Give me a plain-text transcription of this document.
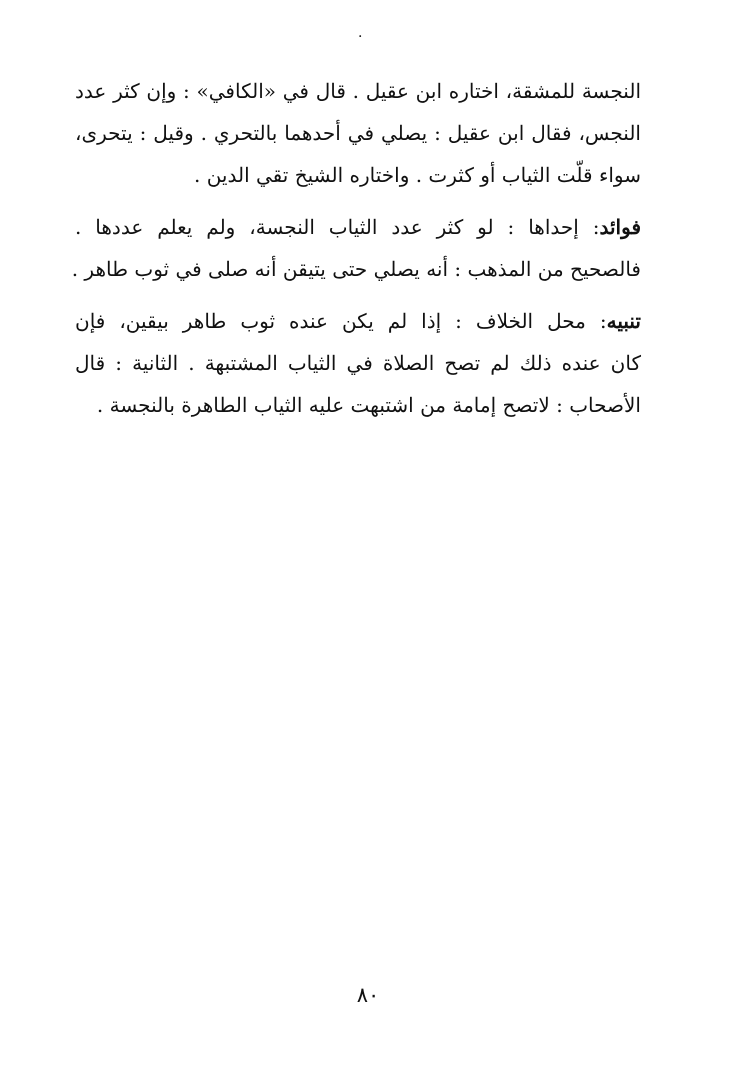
·

النجسة للمشقة، اختاره ابن عقيل . قال في «الكافي» : وإن كثر عدد
النجس، فقال ابن عقيل : يصلي في أحدهما بالتحري . وقيل : يتحرى،
سواء قلّت الثياب أو كثرت . واختاره الشيخ تقي الدين .

فوائد: إحداها : لو كثر عدد الثياب النجسة، ولم يعلم عددها .
فالصحيح من المذهب : أنه يصلي حتى يتيقن أنه صلى في ثوب طاهر .

تنبيه: محل الخلاف : إذا لم يكن عنده ثوب طاهر بيقين، فإن
كان عنده ذلك لم تصح الصلاة في الثياب المشتبهة . الثانية : قال
الأصحاب : لاتصح إمامة من اشتبهت عليه الثياب الطاهرة بالنجسة .

٨٠
